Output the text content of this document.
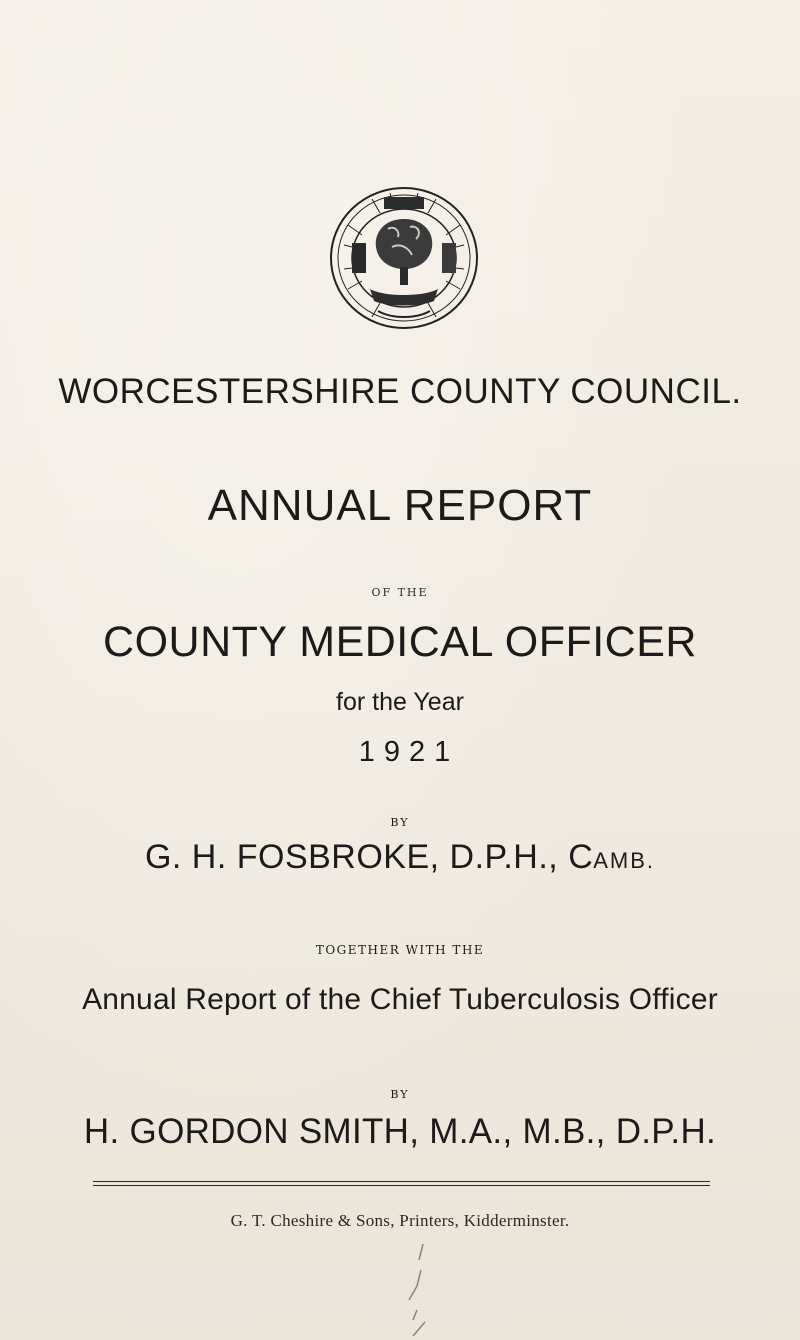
WORCESTERSHIRE COUNTY COUNCIL.
ANNUAL REPORT
OF THE
COUNTY MEDICAL OFFICER
for the Year
1921
BY
G. H. FOSBROKE, D.P.H., CAMB.
TOGETHER WITH THE
Annual Report of the Chief Tuberculosis Officer
BY
H. GORDON SMITH, M.A., M.B., D.P.H.
G. T. Cheshire & Sons, Printers, Kidderminster.
